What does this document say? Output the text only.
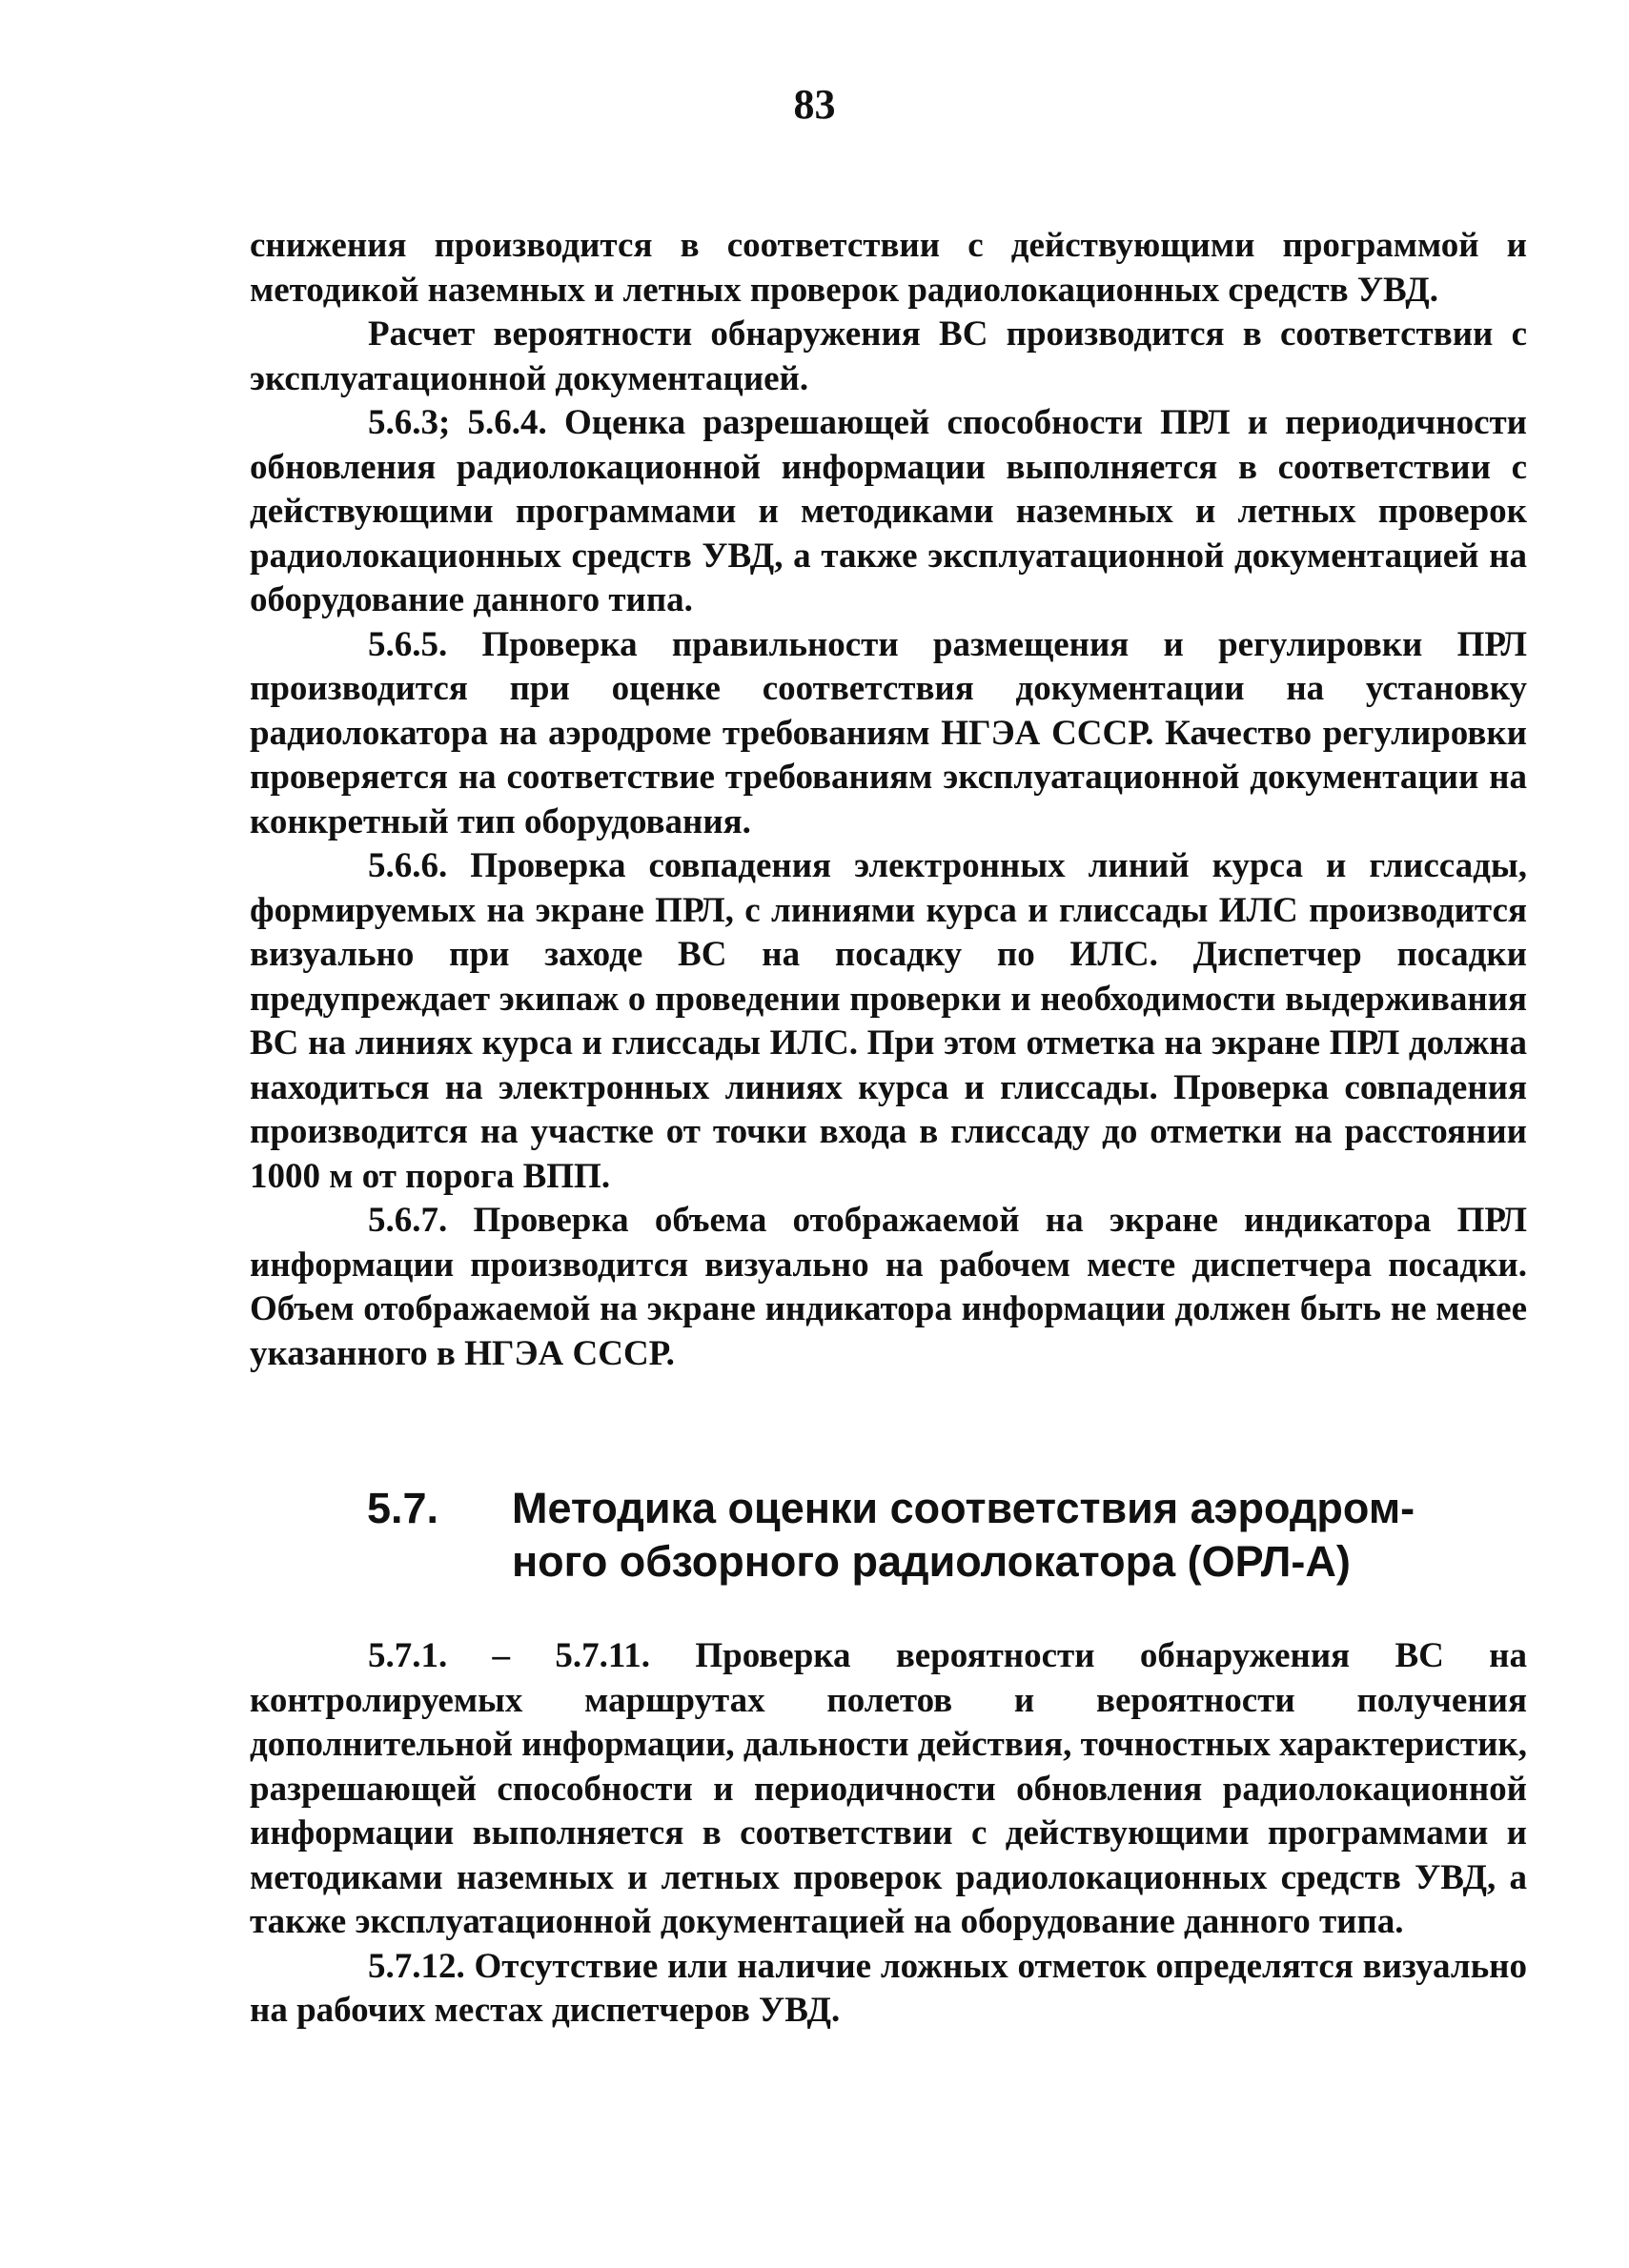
83

снижения производится в соответствии с действующими программой и методикой наземных и летных проверок радиолокационных средств УВД.

Расчет вероятности обнаружения ВС производится в соответствии с эксплуатационной документацией.

5.6.3; 5.6.4. Оценка разрешающей способности ПРЛ и периодичности обновления радиолокационной информации выполняется в соответствии с действующими программами и методиками наземных и летных проверок радиолокационных средств УВД, а также эксплуатационной документацией на оборудование данного типа.

5.6.5. Проверка правильности размещения и регулировки ПРЛ производится при оценке соответствия документации на установку радиолокатора на аэродроме требованиям НГЭА СССР. Качество регулировки проверяется на соответствие требованиям эксплуатационной документации на конкретный тип оборудования.

5.6.6. Проверка совпадения электронных линий курса и глиссады, формируемых на экране ПРЛ, с линиями курса и глиссады ИЛС производится визуально при заходе ВС на посадку по ИЛС. Диспетчер посадки предупреждает экипаж о проведении проверки и необходимости выдерживания ВС на линиях курса и глиссады ИЛС. При этом отметка на экране ПРЛ должна находиться на электронных линиях курса и глиссады. Проверка совпадения производится на участке от точки входа в глиссаду до отметки на расстоянии 1000 м от порога ВПП.

5.6.7. Проверка объема отображаемой на экране индикатора ПРЛ информации производится визуально на рабочем месте диспетчера посадки. Объем отображаемой на экране индикатора информации должен быть не менее указанного в НГЭА СССР.

5.7. Методика оценки соответствия аэродром-
ного обзорного радиолокатора (ОРЛ-А)

5.7.1. – 5.7.11. Проверка вероятности обнаружения ВС на контролируемых маршрутах полетов и вероятности получения дополнительной информации, дальности действия, точностных характеристик, разрешающей способности и периодичности обновления радиолокационной информации выполняется в соответствии с действующими программами и методиками наземных и летных проверок радиолокационных средств УВД, а также эксплуатационной документацией на оборудование данного типа.

5.7.12. Отсутствие или наличие ложных отметок определятся визуально на рабочих местах диспетчеров УВД.
